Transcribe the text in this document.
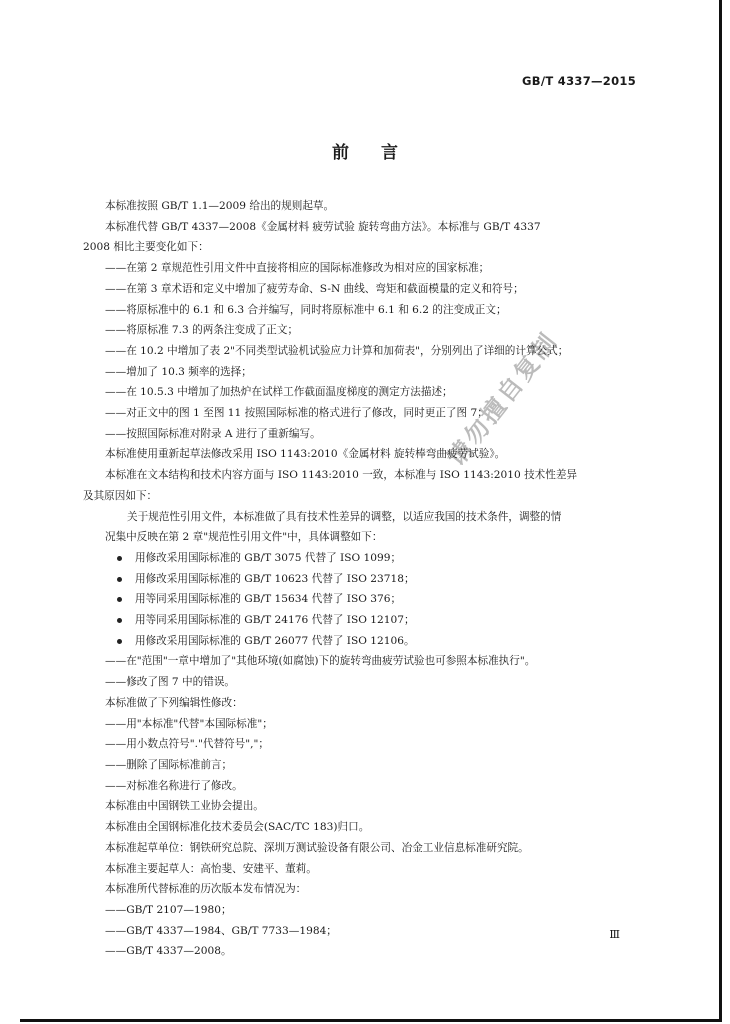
GB/T 4337—2015
前言

本标准按照 GB/T 1.1—2009 给出的规则起草。

本标准代替 GB/T 4337—2008《金属材料 疲劳试验 旋转弯曲方法》。本标准与 GB/T 4337

2008 相比主要变化如下：

——在第 2 章规范性引用文件中直接将相应的国际标准修改为相对应的国家标准；

——在第 3 章术语和定义中增加了疲劳寿命、S-N 曲线、弯矩和截面模量的定义和符号；

——将原标准中的 6.1 和 6.3 合并编写，同时将原标准中 6.1 和 6.2 的注变成正文；

——将原标准 7.3 的两条注变成了正文；

——在 10.2 中增加了表 2"不同类型试验机试验应力计算和加荷表"，分别列出了详细的计算公式；

——增加了 10.3 频率的选择；

——在 10.5.3 中增加了加热炉在试样工作截面温度梯度的测定方法描述；

——对正文中的图 1 至图 11 按照国际标准的格式进行了修改，同时更正了图 7；

——按照国际标准对附录 A 进行了重新编写。

本标准使用重新起草法修改采用 ISO 1143:2010《金属材料 旋转棒弯曲疲劳试验》。

本标准在文本结构和技术内容方面与 ISO 1143:2010 一致，本标准与 ISO 1143:2010 技术性差异

及其原因如下：

关于规范性引用文件，本标准做了具有技术性差异的调整，以适应我国的技术条件，调整的情

况集中反映在第 2 章"规范性引用文件"中，具体调整如下：

用修改采用国际标准的 GB/T 3075 代替了 ISO 1099；

用修改采用国际标准的 GB/T 10623 代替了 ISO 23718；

用等同采用国际标准的 GB/T 15634 代替了 ISO 376；

用等同采用国际标准的 GB/T 24176 代替了 ISO 12107；

用修改采用国际标准的 GB/T 26077 代替了 ISO 12106。

——在"范围"一章中增加了"其他环境(如腐蚀)下的旋转弯曲疲劳试验也可参照本标准执行"。

——修改了图 7 中的错误。

本标准做了下列编辑性修改：

——用"本标准"代替"本国际标准"；

——用小数点符号"."代替符号","；

——删除了国际标准前言；

——对标准名称进行了修改。

本标准由中国钢铁工业协会提出。

本标准由全国钢标准化技术委员会(SAC/TC 183)归口。

本标准起草单位：钢铁研究总院、深圳万测试验设备有限公司、冶金工业信息标准研究院。

本标准主要起草人：高怡斐、安建平、董莉。

本标准所代替标准的历次版本发布情况为：

——GB/T 2107—1980；

——GB/T 4337—1984、GB/T 7733—1984；

——GB/T 4337—2008。

请勿擅自复制
Ⅲ
